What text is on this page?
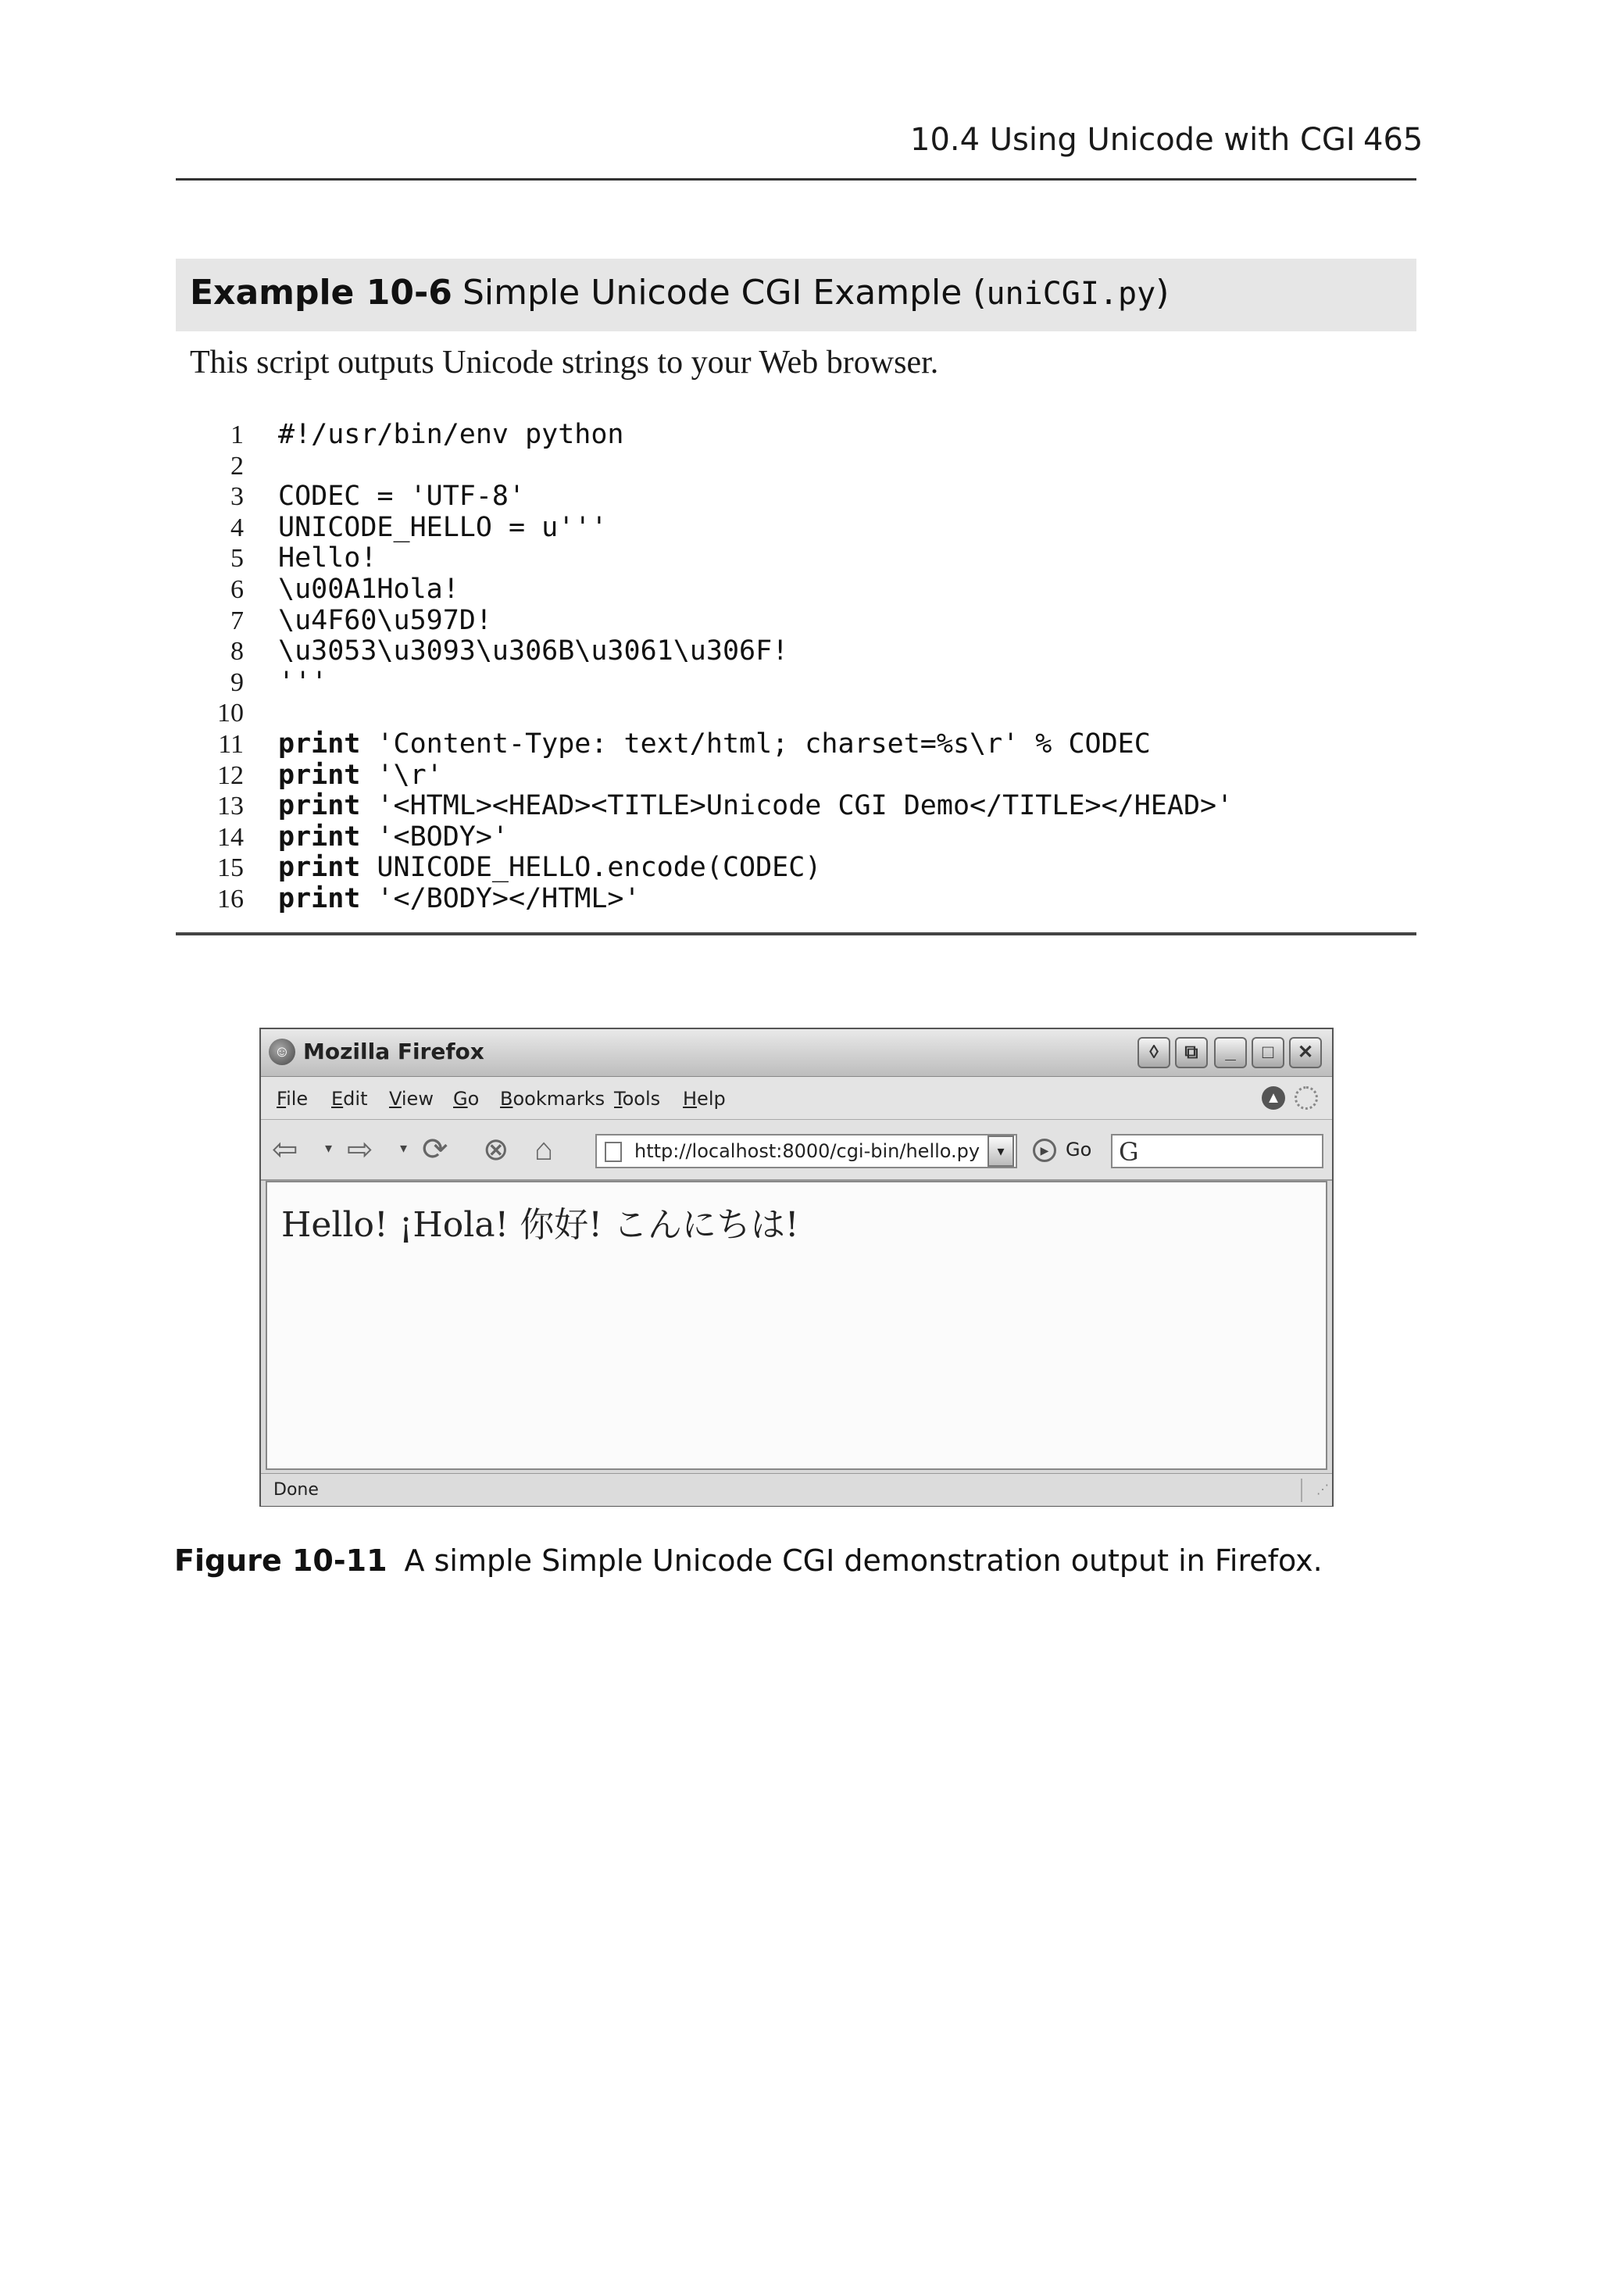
10.4 Using Unicode with CGI 465
Example 10-6 Simple Unicode CGI Example (uniCGI.py)
This script outputs Unicode strings to your Web browser.
1 #!/usr/bin/env python
2
3 CODEC = 'UTF-8'
4 UNICODE_HELLO = u'''
5 Hello!
6 \u00A1Hola!
7 \u4F60\u597D!
8 \u3053\u3093\u306B\u3061\u306F!
9 '''
10
11 print 'Content-Type: text/html; charset=%s\r' % CODEC
12 print '\r'
13 print '<HTML><HEAD><TITLE>Unicode CGI Demo</TITLE></HEAD>'
14 print '<BODY>'
15 print UNICODE_HELLO.encode(CODEC)
16 print '</BODY></HTML>'
☺ Mozilla Firefox	◊	⧉	_	□	✕
File Edit View Go Bookmarks Tools Help	▲
⇦ ▾ ⇨ ▾ ⟳ ⊗ ⌂	http://localhost:8000/cgi-bin/hello.py	▾	▶ Go G
Hello! ¡Hola! 你好! こんにちは!
Done	⋰
Figure 10-11 A simple Simple Unicode CGI demonstration output in Firefox.
